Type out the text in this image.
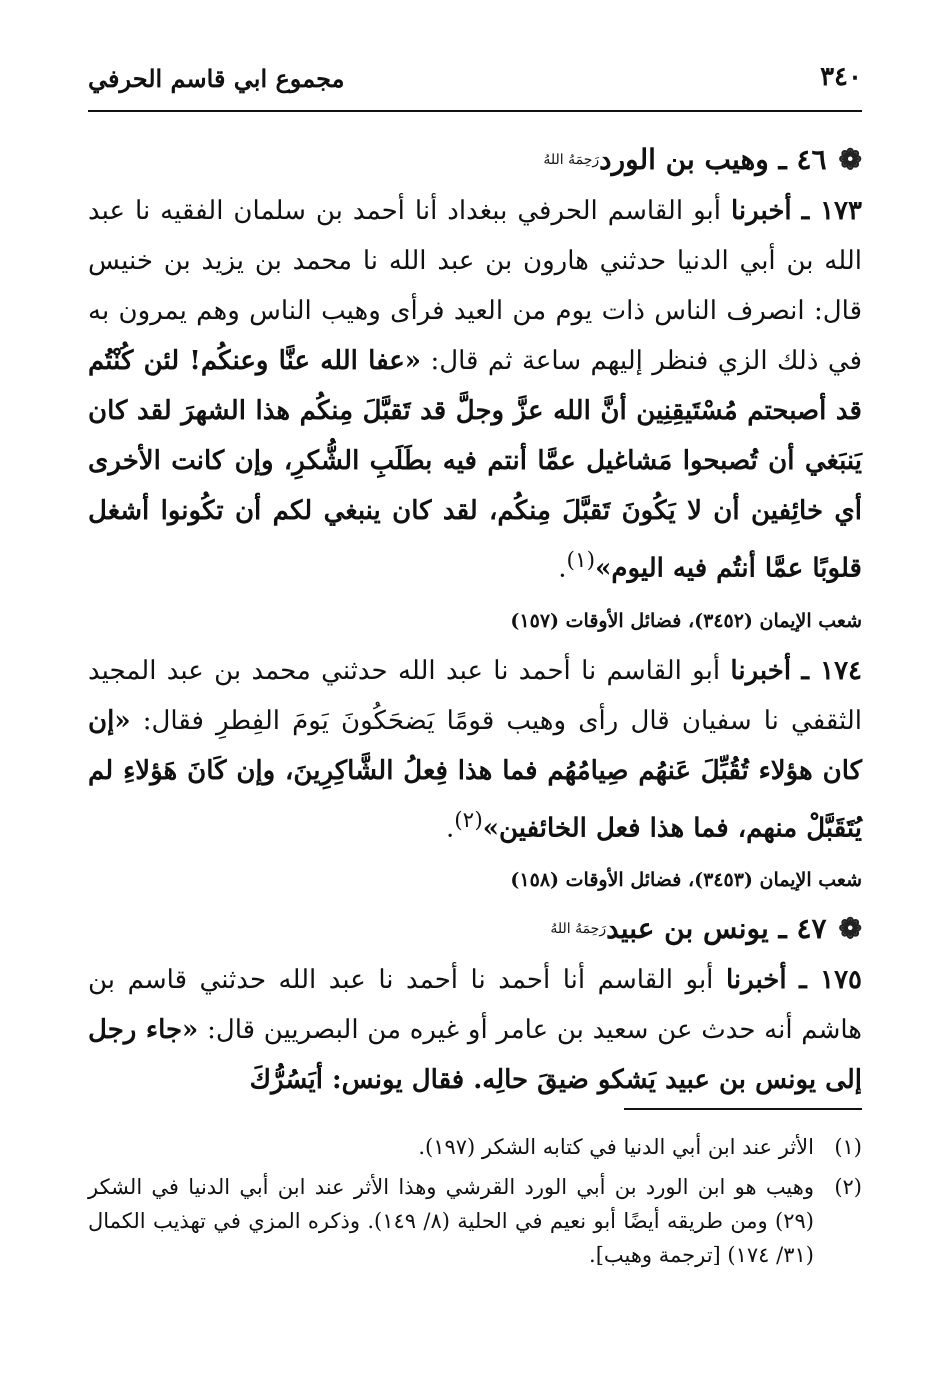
٣٤٠
مجموع ابي قاسم الحرفي
❁٤٦ ـ وهيب بن الورد$^{رَحِمَهُ اللهُ}$

١٧٣ ـ أخبرنا أبو القاسم الحرفي ببغداد أنا أحمد بن سلمان الفقيه نا عبد الله بن أبي الدنيا حدثني هارون بن عبد الله نا محمد بن يزيد بن خنيس قال: انصرف الناس ذات يوم من العيد فرأى وهيب الناس وهم يمرون به في ذلك الزي فنظر إليهم ساعة ثم قال: «عفا الله عنَّا وعنكُم! لئن كُنْتُم قد أصبحتم مُسْتَيقِنِين أنَّ الله عزَّ وجلَّ قد تَقبَّلَ مِنكُم هذا الشهرَ لقد كان يَنبَغي أن تُصبحوا مَشاغيل عمَّا أنتم فيه بطَلَبِ الشُّكرِ، وإن كانت الأخرى أي خائِفين أن لا يَكُونَ تَقبَّلَ مِنكُم، لقد كان ينبغي لكم أن تكُونوا أشغل قلوبًا عمَّا أنتُم فيه اليوم»$^{(١)}$.

شعب الإيمان (٣٤٥٢)، فضائل الأوقات (١٥٧)

١٧٤ ـ أخبرنا أبو القاسم نا أحمد نا عبد الله حدثني محمد بن عبد المجيد الثقفي نا سفيان قال رأى وهيب قومًا يَضحَكُونَ يَومَ الفِطرِ فقال: «إن كان هؤلاء تُقُبِّلَ عَنهُم صِيامُهُم فما هذا فِعلُ الشَّاكِرِينَ، وإن كَانَ هَؤلاءِ لم يُتَقَبَّلْ منهم، فما هذا فعل الخائفين»$^{(٢)}$.

شعب الإيمان (٣٤٥٣)، فضائل الأوقات (١٥٨)
❁٤٧ ـ يونس بن عبيد$^{رَحِمَهُ اللهُ}$

١٧٥ ـ أخبرنا أبو القاسم أنا أحمد نا أحمد نا عبد الله حدثني قاسم بن هاشم أنه حدث عن سعيد بن عامر أو غيره من البصريين قال: «جاء رجل إلى يونس بن عبيد يَشكو ضيقَ حالِه. فقال يونس: أيَسُرُّكَ

(١)
الأثر عند ابن أبي الدنيا في كتابه الشكر (١٩٧).
(٢)
وهيب هو ابن الورد بن أبي الورد القرشي وهذا الأثر عند ابن أبي الدنيا في الشكر (٢٩) ومن طريقه أيضًا أبو نعيم في الحلية (٨/ ١٤٩). وذكره المزي في تهذيب الكمال (٣١/ ١٧٤) [ترجمة وهيب].
